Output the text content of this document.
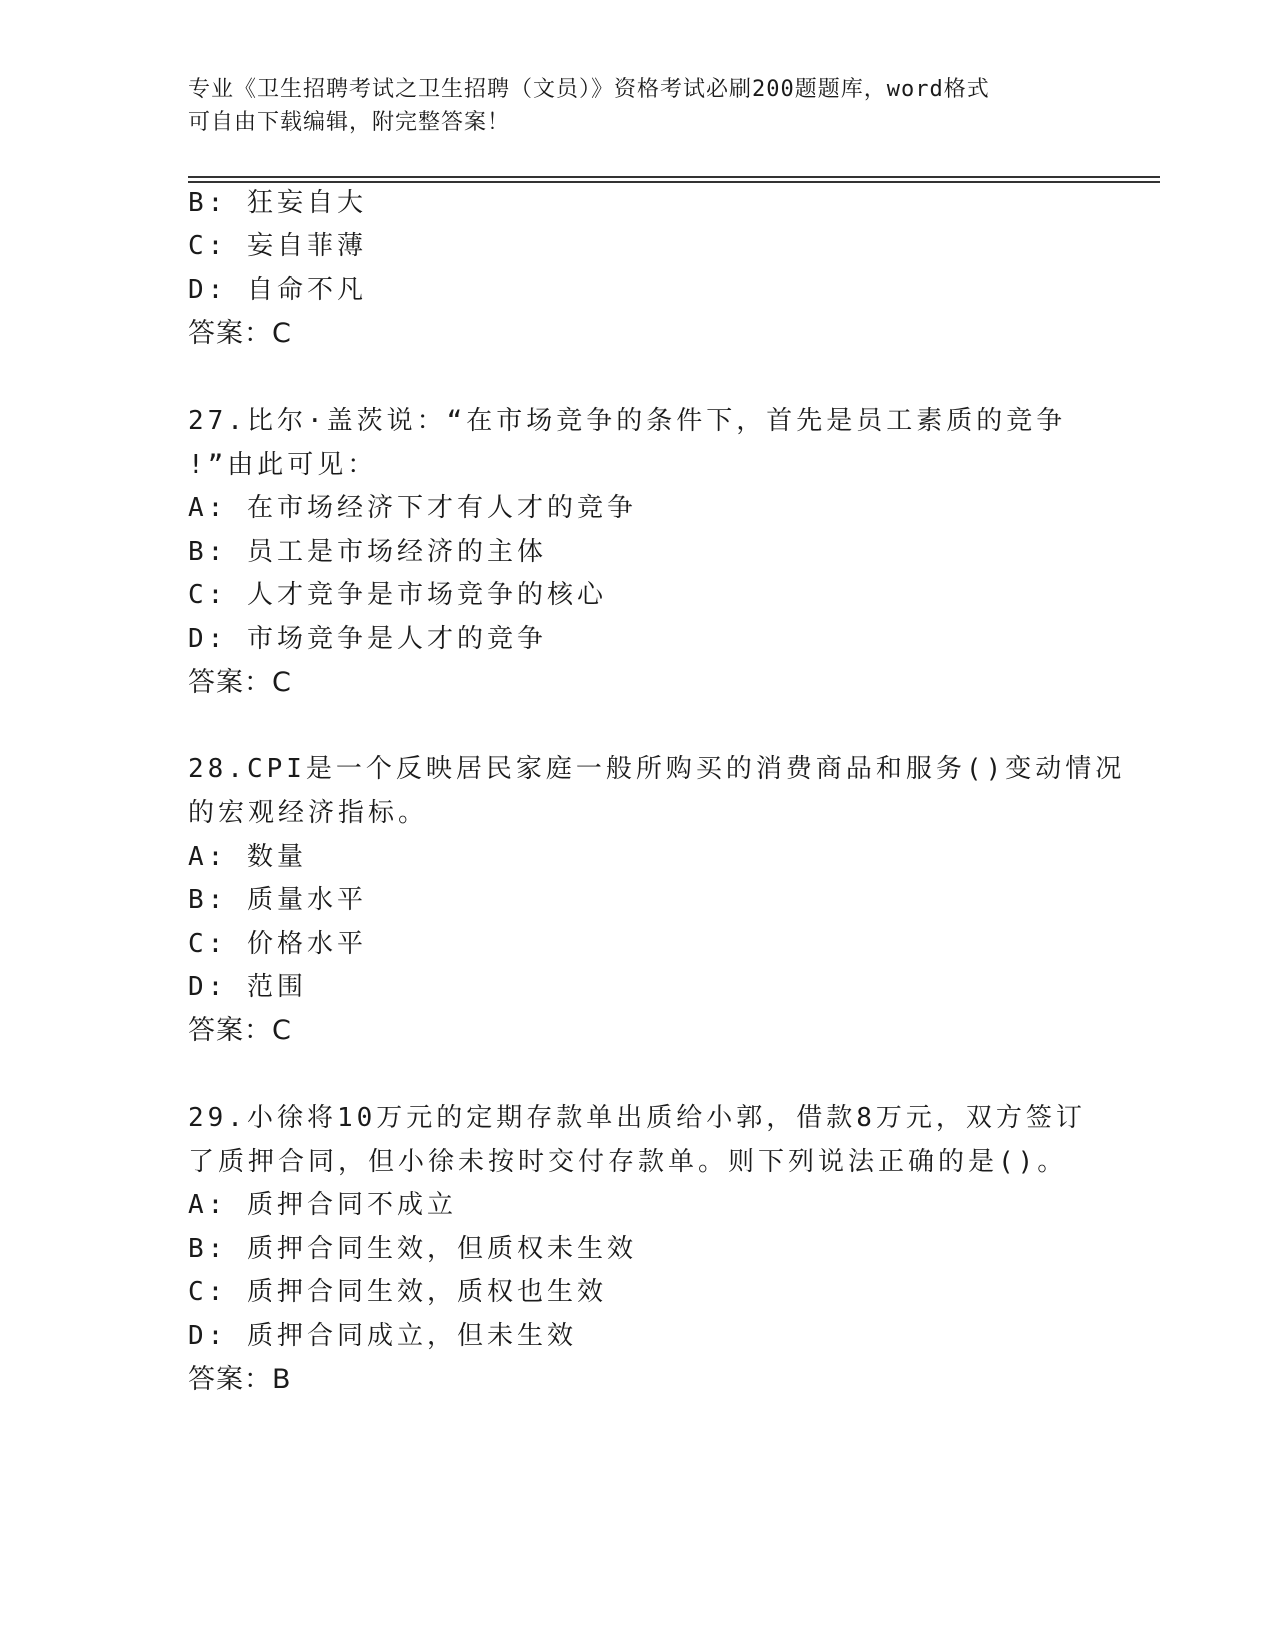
专业《卫生招聘考试之卫生招聘（文员）》资格考试必刷200题题库，word格式
可自由下载编辑，附完整答案！
B: 狂妄自大
C: 妄自菲薄
D: 自命不凡
答案：C
27.比尔·盖茨说：“在市场竞争的条件下，首先是员工素质的竞争
!”由此可见：
A: 在市场经济下才有人才的竞争
B: 员工是市场经济的主体
C: 人才竞争是市场竞争的核心
D: 市场竞争是人才的竞争
答案：C
28.CPI是一个反映居民家庭一般所购买的消费商品和服务()变动情况
的宏观经济指标。
A: 数量
B: 质量水平
C: 价格水平
D: 范围
答案：C
29.小徐将10万元的定期存款单出质给小郭，借款8万元，双方签订
了质押合同，但小徐未按时交付存款单。则下列说法正确的是()。
A: 质押合同不成立
B: 质押合同生效，但质权未生效
C: 质押合同生效，质权也生效
D: 质押合同成立，但未生效
答案：B
